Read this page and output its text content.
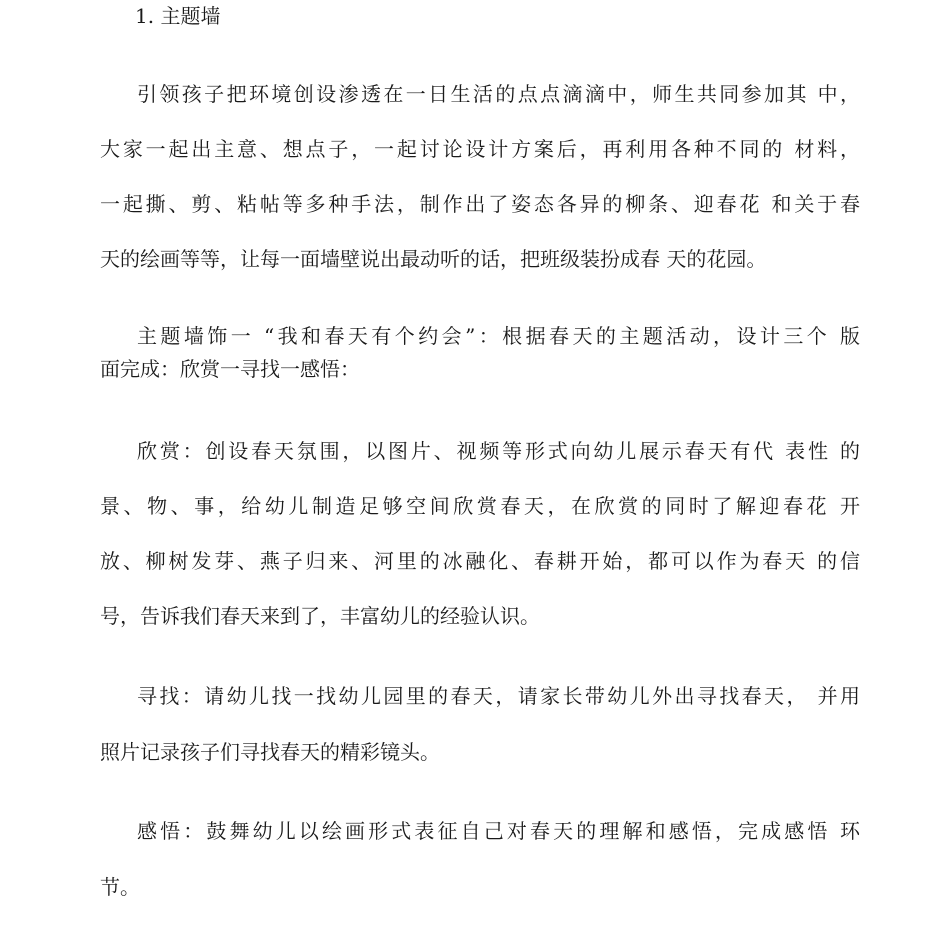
1. 主题墙
引领孩子把环境创设渗透在一日生活的点点滴滴中，师生共同参加其 中，
大家一起出主意、想点子，一起讨论设计方案后，再利用各种不同的 材料，
一起撕、剪、粘帖等多种手法，制作出了姿态各异的柳条、迎春花 和关于春
天的绘画等等，让每一面墙壁说出最动听的话，把班级装扮成春 天的花园。
主题墙饰一 “我和春天有个约会”：根据春天的主题活动，设计三个 版
面完成：欣赏一寻找一感悟：
欣赏：创设春天氛围，以图片、视频等形式向幼儿展示春天有代 表性 的
景、物、事，给幼儿制造足够空间欣赏春天，在欣赏的同时了解迎春花 开
放、柳树发芽、燕子归来、河里的冰融化、春耕开始，都可以作为春天 的信
号，告诉我们春天来到了，丰富幼儿的经验认识。
寻找：请幼儿找一找幼儿园里的春天，请家长带幼儿外出寻找春天， 并用
照片记录孩子们寻找春天的精彩镜头。
感悟：鼓舞幼儿以绘画形式表征自己对春天的理解和感悟，完成感悟 环
节。
